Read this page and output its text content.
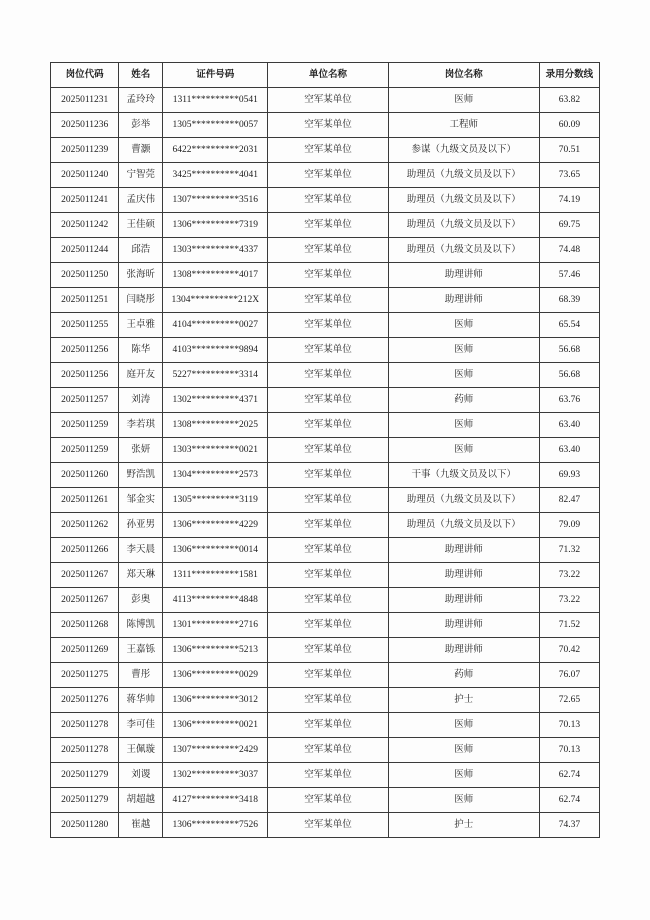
岗位代码	姓名	证件号码	单位名称	岗位名称	录用分数线
2025011231	孟玲玲	1311**********0541	空军某单位	医师	63.82
2025011236	彭举	1305**********0057	空军某单位	工程师	60.09
2025011239	曹灏	6422**********2031	空军某单位	参谋（九级文员及以下）	70.51
2025011240	宁智莞	3425**********4041	空军某单位	助理员（九级文员及以下）	73.65
2025011241	孟庆伟	1307**********3516	空军某单位	助理员（九级文员及以下）	74.19
2025011242	王佳硕	1306**********7319	空军某单位	助理员（九级文员及以下）	69.75
2025011244	邱浩	1303**********4337	空军某单位	助理员（九级文员及以下）	74.48
2025011250	张海昕	1308**********4017	空军某单位	助理讲师	57.46
2025011251	闫晓彤	1304**********212X	空军某单位	助理讲师	68.39
2025011255	王卓雅	4104**********0027	空军某单位	医师	65.54
2025011256	陈华	4103**********9894	空军某单位	医师	56.68
2025011256	庭开友	5227**********3314	空军某单位	医师	56.68
2025011257	刘涛	1302**********4371	空军某单位	药师	63.76
2025011259	李若琪	1308**********2025	空军某单位	医师	63.40
2025011259	张妍	1303**********0021	空军某单位	医师	63.40
2025011260	野浩凯	1304**********2573	空军某单位	干事（九级文员及以下）	69.93
2025011261	邹金实	1305**********3119	空军某单位	助理员（九级文员及以下）	82.47
2025011262	孙亚男	1306**********4229	空军某单位	助理员（九级文员及以下）	79.09
2025011266	李天晨	1306**********0014	空军某单位	助理讲师	71.32
2025011267	郑天琳	1311**********1581	空军某单位	助理讲师	73.22
2025011267	彭奥	4113**********4848	空军某单位	助理讲师	73.22
2025011268	陈博凯	1301**********2716	空军某单位	助理讲师	71.52
2025011269	王嘉铄	1306**********5213	空军某单位	助理讲师	70.42
2025011275	曹彤	1306**********0029	空军某单位	药师	76.07
2025011276	蒋华帅	1306**********3012	空军某单位	护士	72.65
2025011278	李可佳	1306**********0021	空军某单位	医师	70.13
2025011278	王佩璇	1307**********2429	空军某单位	医师	70.13
2025011279	刘谡	1302**********3037	空军某单位	医师	62.74
2025011279	胡超越	4127**********3418	空军某单位	医师	62.74
2025011280	崔越	1306**********7526	空军某单位	护士	74.37
